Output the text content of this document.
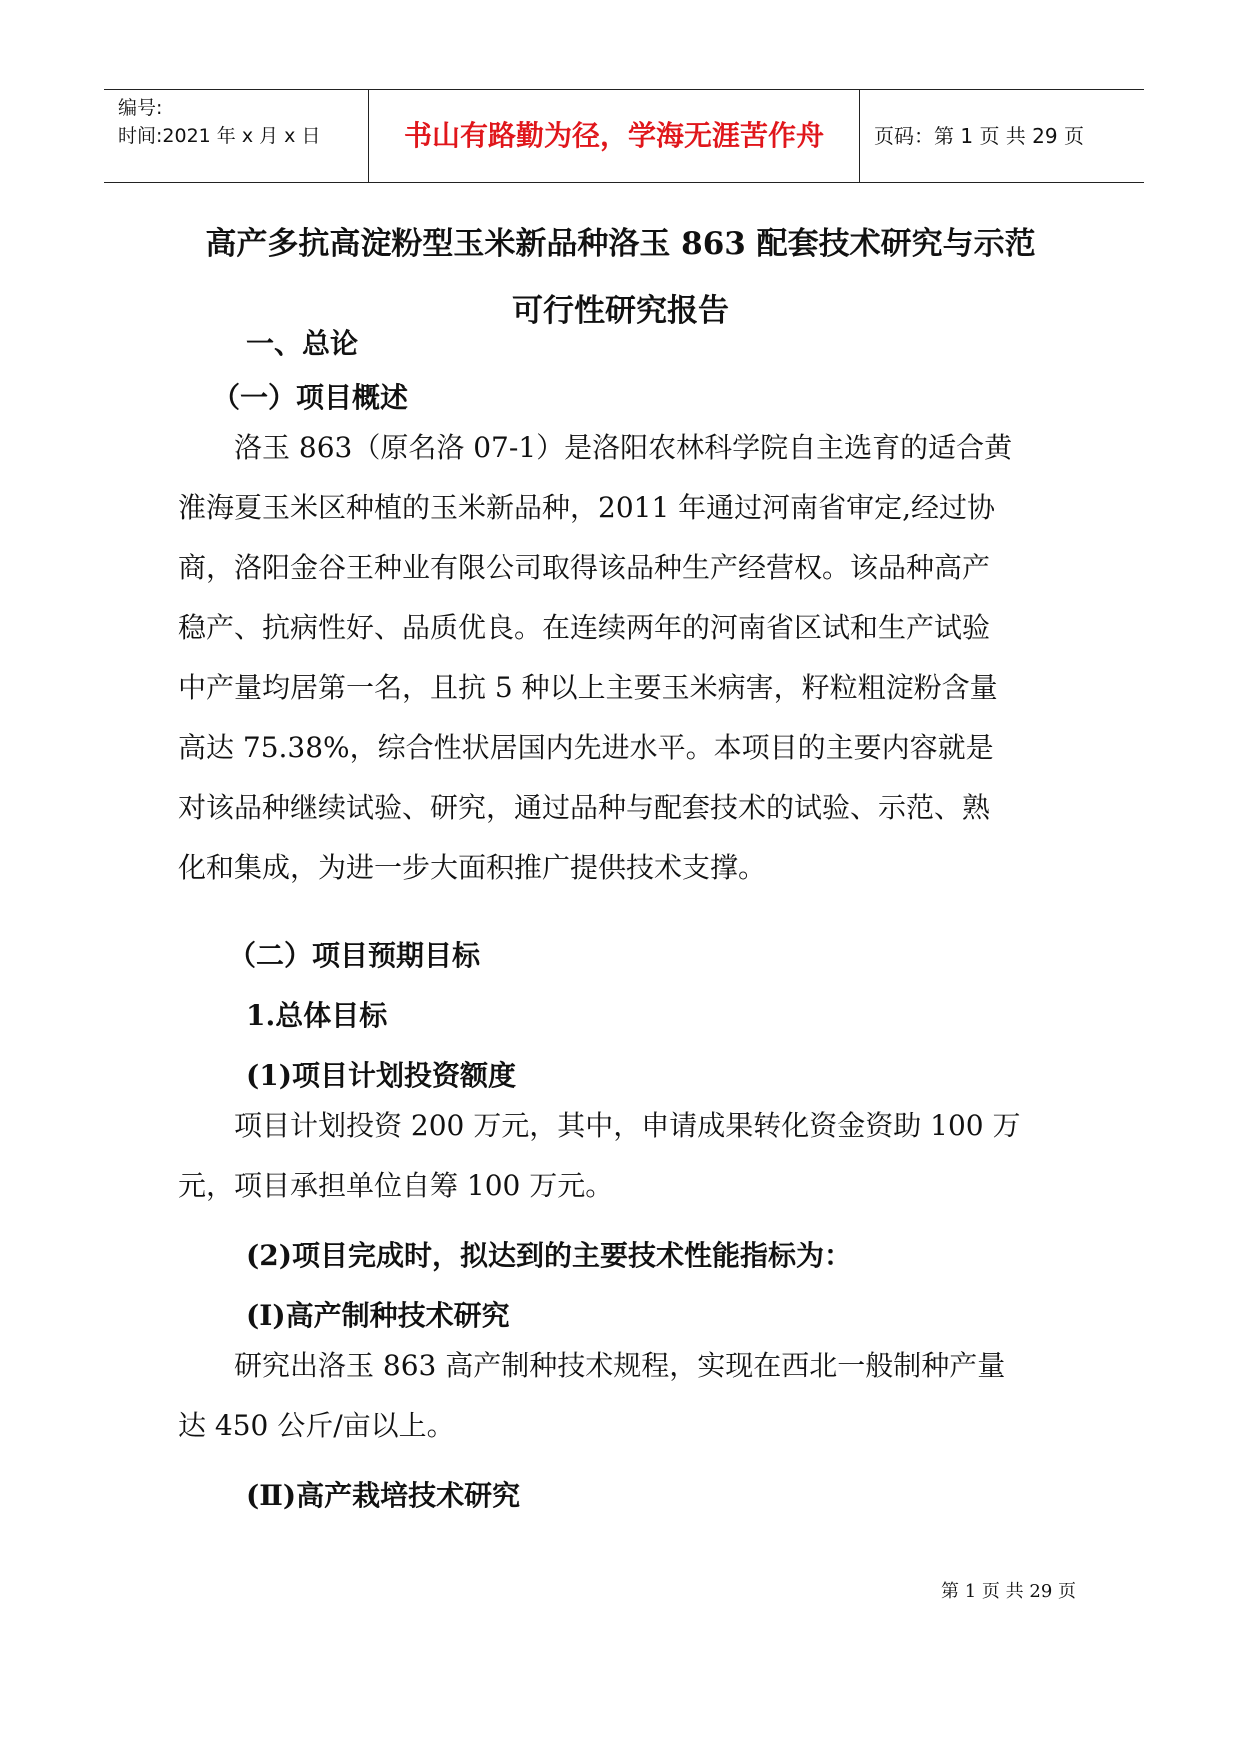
编号:
时间:2021 年 x 月 x 日	书山有路勤为径，学海无涯苦作舟	页码：第 1 页 共 29 页
高产多抗高淀粉型玉米新品种洛玉 863 配套技术研究与示范
可行性研究报告
一、总论
（一）项目概述
洛玉 863（原名洛 07-1）是洛阳农林科学院自主选育的适合黄
淮海夏玉米区种植的玉米新品种，2011 年通过河南省审定,经过协
商，洛阳金谷王种业有限公司取得该品种生产经营权。该品种高产
稳产、抗病性好、品质优良。在连续两年的河南省区试和生产试验
中产量均居第一名，且抗 5 种以上主要玉米病害，籽粒粗淀粉含量
高达 75.38%，综合性状居国内先进水平。本项目的主要内容就是
对该品种继续试验、研究，通过品种与配套技术的试验、示范、熟
化和集成，为进一步大面积推广提供技术支撑。
（二）项目预期目标
1.总体目标
(1)项目计划投资额度
项目计划投资 200 万元，其中，申请成果转化资金资助 100 万
元，项目承担单位自筹 100 万元。
(2)项目完成时，拟达到的主要技术性能指标为：
(Ⅰ)高产制种技术研究
研究出洛玉 863 高产制种技术规程，实现在西北一般制种产量
达 450 公斤/亩以上。
(Ⅱ)高产栽培技术研究
第 1 页 共 29 页
